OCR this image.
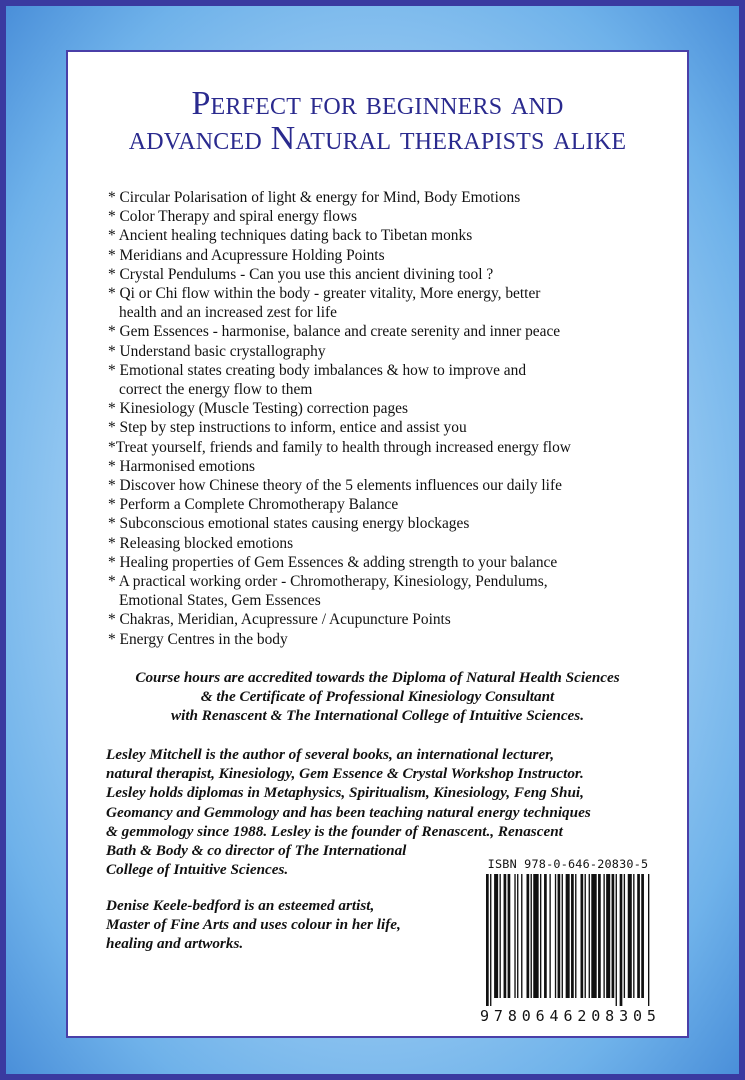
Perfect for beginners and
advanced Natural therapists alike
* Circular Polarisation of light & energy for Mind, Body Emotions
* Color Therapy and spiral energy flows
* Ancient healing techniques dating back to Tibetan monks
* Meridians and Acupressure Holding Points
* Crystal Pendulums - Can you use this ancient divining tool ?
* Qi or Chi flow within the body - greater vitality, More energy, better
health and an increased zest for life
* Gem Essences - harmonise, balance and create serenity and inner peace
* Understand basic crystallography
* Emotional states creating body imbalances & how to improve and
correct the energy flow to them
* Kinesiology (Muscle Testing) correction pages
* Step by step instructions to inform, entice and assist you
*Treat yourself, friends and family to health through increased energy flow
* Harmonised emotions
* Discover how Chinese theory of the 5 elements influences our daily life
* Perform a Complete Chromotherapy Balance
* Subconscious emotional states causing energy blockages
* Releasing blocked emotions
* Healing properties of Gem Essences & adding strength to your balance
* A practical working order - Chromotherapy, Kinesiology, Pendulums,
Emotional States, Gem Essences
* Chakras, Meridian, Acupressure / Acupuncture Points
* Energy Centres in the body
Course hours are accredited towards the Diploma of Natural Health Sciences
& the Certificate of Professional Kinesiology Consultant
with Renascent & The International College of Intuitive Sciences.
Lesley Mitchell is the author of several books, an international lecturer,
natural therapist, Kinesiology, Gem Essence & Crystal Workshop Instructor.
Lesley holds diplomas in Metaphysics, Spiritualism, Kinesiology, Feng Shui,
Geomancy and Gemmology and has been teaching natural energy techniques
& gemmology since 1988. Lesley is the founder of Renascent., Renascent
Bath & Body & co director of The International
College of Intuitive Sciences.
Denise Keele-bedford is an esteemed artist,
Master of Fine Arts and uses colour in her life,
healing and artworks.
ISBN 978-0-646-20830-5
9 7 8 0 6 4 6 2 0 8 3 0 5
